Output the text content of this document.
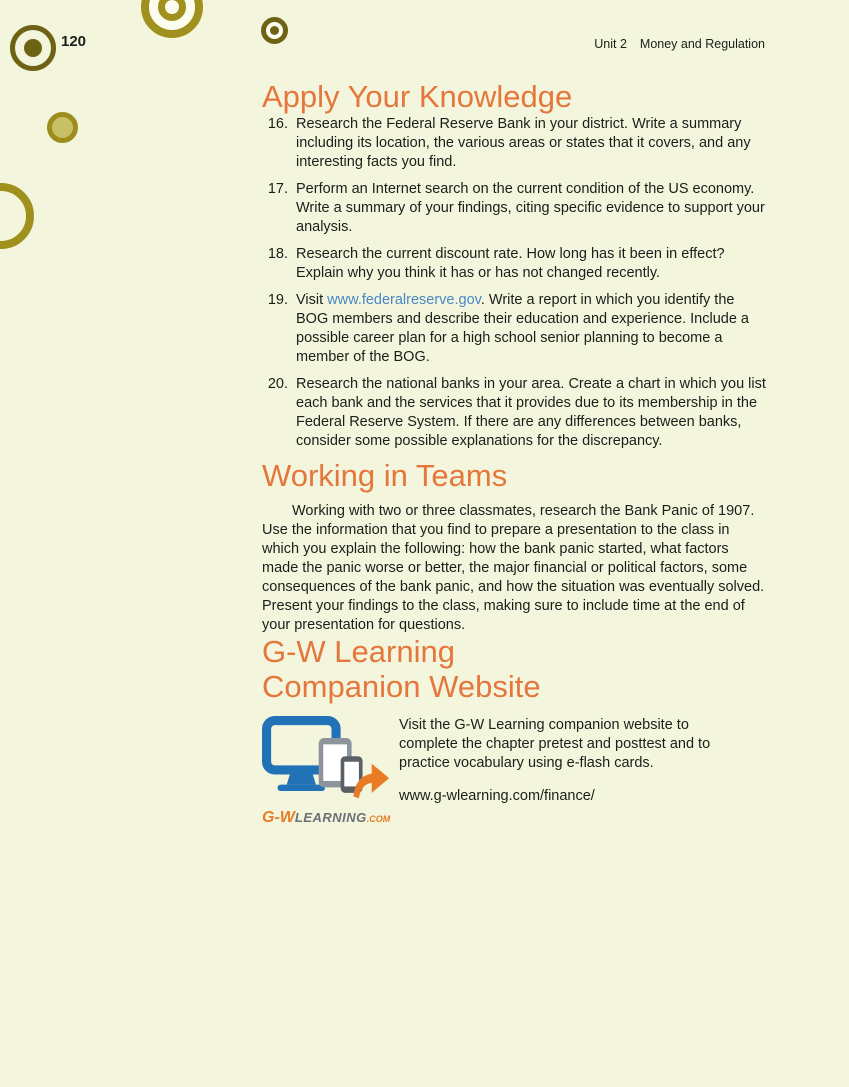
120	Unit 2 Money and Regulation
Apply Your Knowledge
16. Research the Federal Reserve Bank in your district. Write a summary including its location, the various areas or states that it covers, and any interesting facts you find.
17. Perform an Internet search on the current condition of the US economy. Write a summary of your findings, citing specific evidence to support your analysis.
18. Research the current discount rate. How long has it been in effect? Explain why you think it has or has not changed recently.
19. Visit www.federalreserve.gov. Write a report in which you identify the BOG members and describe their education and experience. Include a possible career plan for a high school senior planning to become a member of the BOG.
20. Research the national banks in your area. Create a chart in which you list each bank and the services that it provides due to its membership in the Federal Reserve System. If there are any differences between banks, consider some possible explanations for the discrepancy.
Working in Teams

Working with two or three classmates, research the Bank Panic of 1907. Use the information that you find to prepare a presentation to the class in which you explain the following: how the bank panic started, what factors made the panic worse or better, the major financial or political factors, some consequences of the bank panic, and how the situation was eventually solved. Present your findings to the class, making sure to include time at the end of your presentation for questions.

G-W Learning
Companion Website
G-WLEARNING.COM

Visit the G-W Learning companion website to complete the chapter pretest and posttest and to practice vocabulary using e-flash cards.

www.g-wlearning.com/finance/
